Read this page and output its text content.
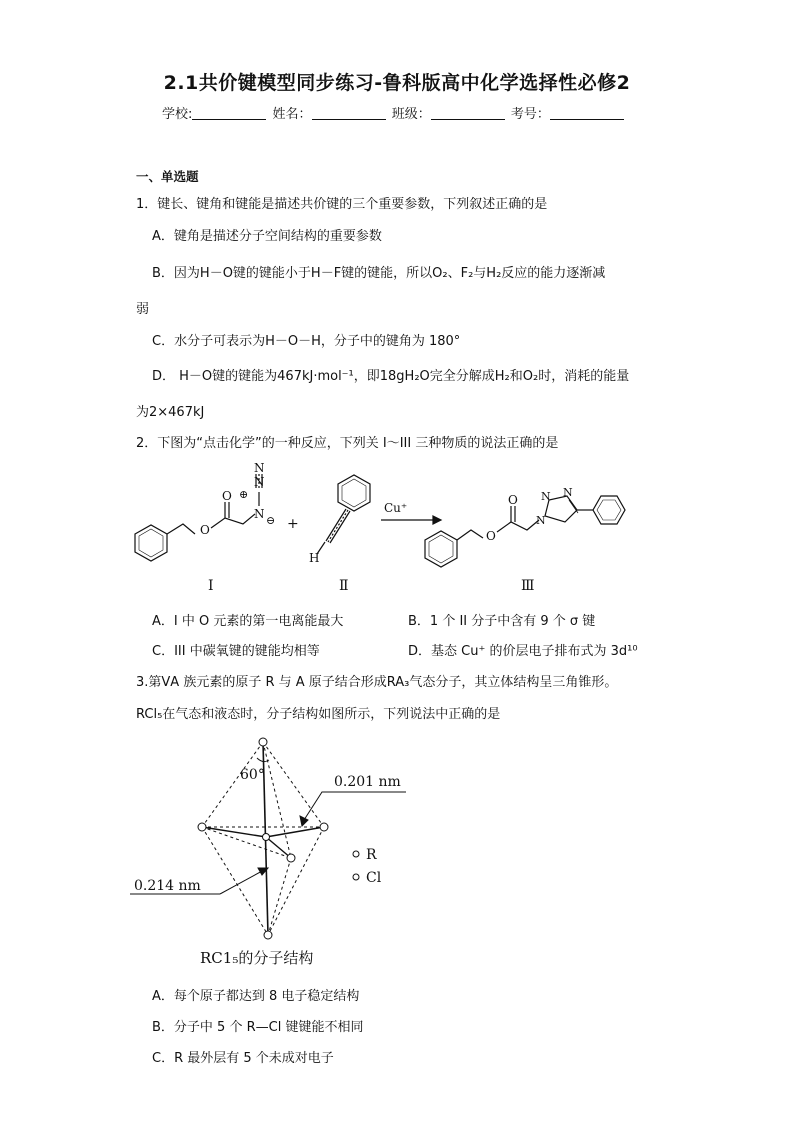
2.1共价键模型同步练习-鲁科版高中化学选择性必修2
学校:	姓名：	班级：	考号：
一、单选题
1．键长、键角和键能是描述共价键的三个重要参数，下列叙述正确的是
A．键角是描述分子空间结构的重要参数
B．因为H－O键的键能小于H－F键的键能，所以O₂、F₂与H₂反应的能力逐渐减
弱
C．水分子可表示为H－O－H，分子中的键角为 180°
D． H－O键的键能为467kJ·mol⁻¹，即18gH₂O完全分解成H₂和O₂时，消耗的能量
为2×467kJ
2．下图为“点击化学”的一种反应，下列关 I～III 三种物质的说法正确的是
O
O
N
N
N
⊕
⊖ +
H
Cu⁺
O
O
N
N N
Ⅰ	Ⅱ	Ⅲ
A．I 中 O 元素的第一电离能最大	B．1 个 II 分子中含有 9 个 σ 键
C．III 中碳氧键的键能均相等	D．基态 Cu⁺ 的价层电子排布式为 3d¹⁰
3.第ⅤA 族元素的原子 R 与 A 原子结合形成RA₃气态分子，其立体结构呈三角锥形。
RCl₅在气态和液态时，分子结构如图所示，下列说法中正确的是
60°	0.201 nm
0.214 nm
R
Cl
RC1₅的分子结构
A．每个原子都达到 8 电子稳定结构
B．分子中 5 个 R—Cl 键键能不相同
C．R 最外层有 5 个未成对电子
